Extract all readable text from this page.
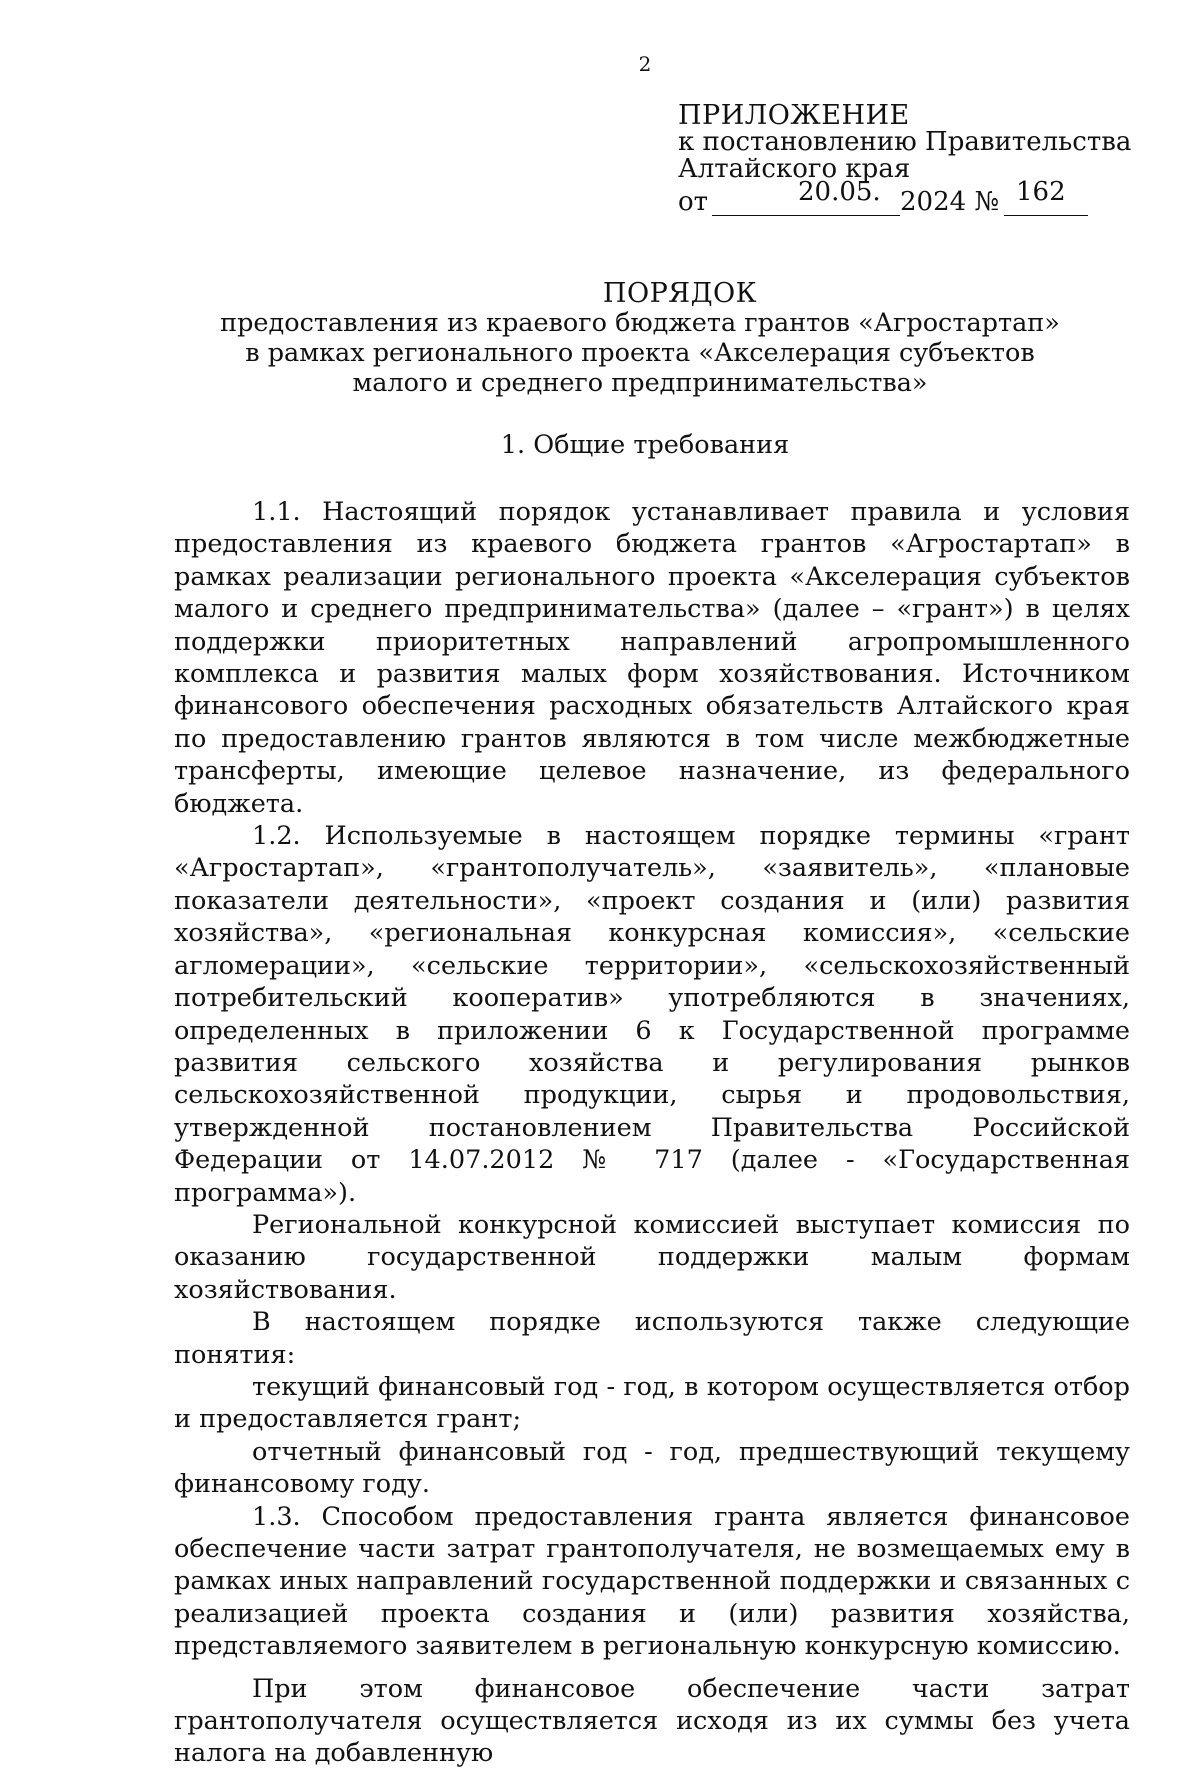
2
ПРИЛОЖЕНИЕ
к постановлению Правительства
Алтайского края
от	20.05. 2024 № 162
ПОРЯДОК
предоставления из краевого бюджета грантов «Агростартап» в рамках регионального проекта «Акселерация субъектов малого и среднего предпринимательства»
1. Общие требования

1.1. Настоящий порядок устанавливает правила и условия предоставления из краевого бюджета грантов «Агростартап» в рамках реализации регионального проекта «Акселерация субъектов малого и среднего предпринимательства» (далее – «грант») в целях поддержки приоритетных направлений агропромышленного комплекса и развития малых форм хозяйствования. Источником финансового обеспечения расходных обязательств Алтайского края по предоставлению грантов являются в том числе межбюджетные трансферты, имеющие целевое назначение, из федерального бюджета.

1.2. Используемые в настоящем порядке термины «грант «Агростартап», «грантополучатель», «заявитель», «плановые показатели деятельности», «проект создания и (или) развития хозяйства», «региональная конкурсная комиссия», «сельские агломерации», «сельские территории», «сельскохозяйственный потребительский кооператив» употребляются в значениях, определенных в приложении 6 к Государственной программе развития сельского хозяйства и регулирования рынков сельскохозяйственной продукции, сырья и продовольствия, утвержденной постановлением Правительства Российской Федерации от 14.07.2012 № 717 (далее - «Государственная программа»).

Региональной конкурсной комиссией выступает комиссия по оказанию государственной поддержки малым формам хозяйствования.

В настоящем порядке используются также следующие понятия:

текущий финансовый год - год, в котором осуществляется отбор и предоставляется грант;

отчетный финансовый год - год, предшествующий текущему финансовому году.

1.3. Способом предоставления гранта является финансовое обеспечение части затрат грантополучателя, не возмещаемых ему в рамках иных направлений государственной поддержки и связанных с реализацией проекта создания и (или) развития хозяйства, представляемого заявителем в региональную конкурсную комиссию.

При этом финансовое обеспечение части затрат грантополучателя осуществляется исходя из их суммы без учета налога на добавленную
